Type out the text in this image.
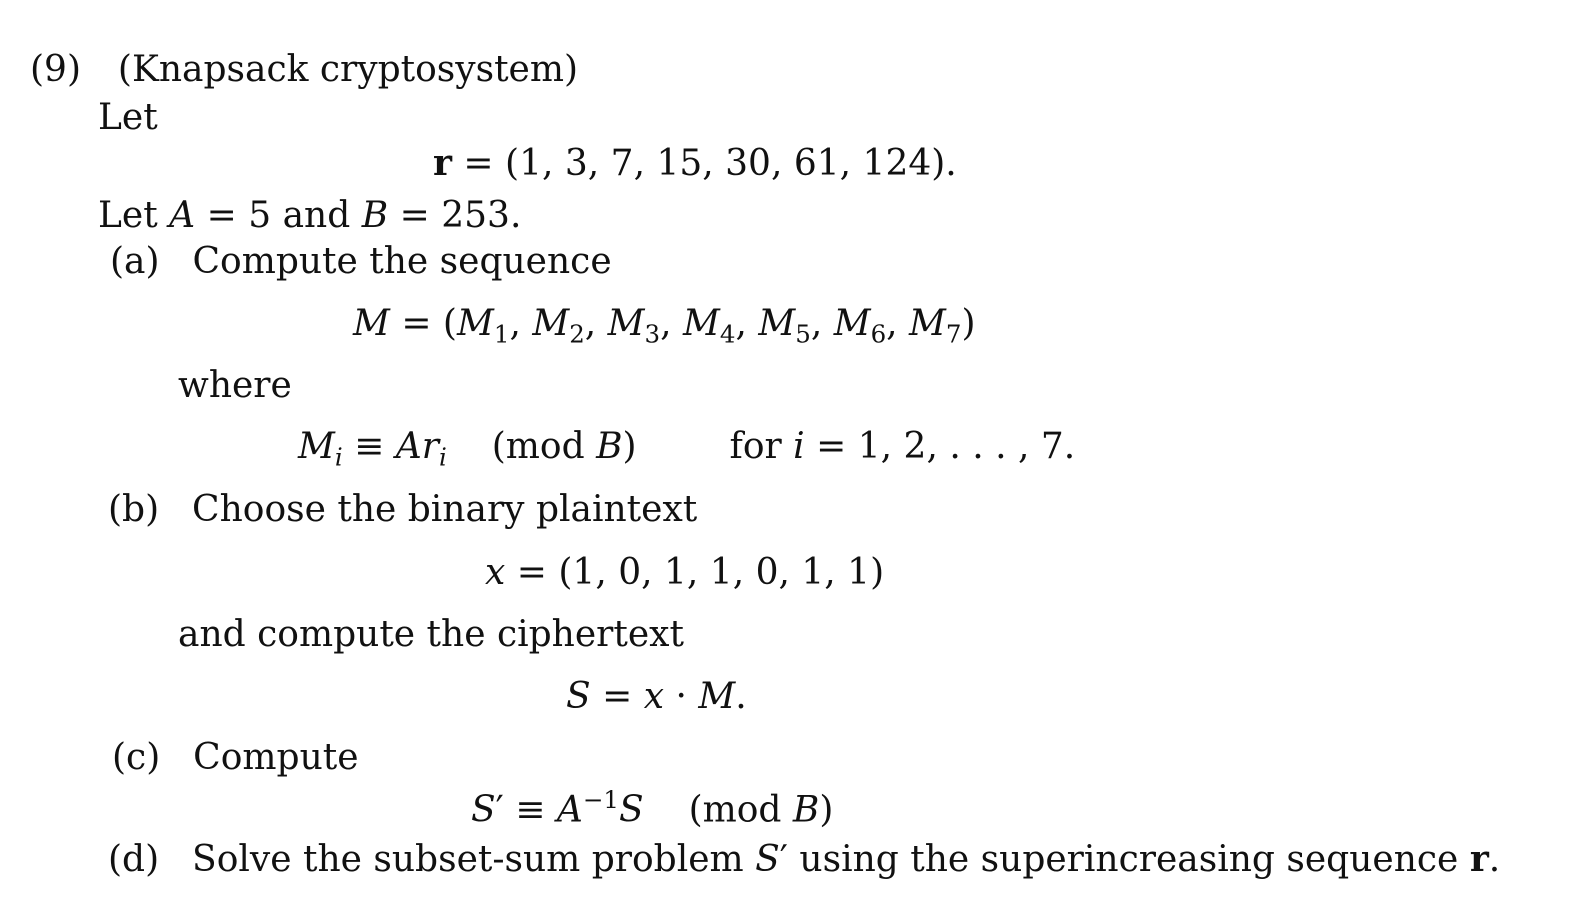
(9) (Knapsack cryptosystem)
Let
r = (1, 3, 7, 15, 30, 61, 124).
Let A = 5 and B = 253.
(a) Compute the sequence
$M = (M_1$, $M_2$, $M_3$, $M_4$, $M_5$, $M_6$, $M_7$)
where
$M_i \equiv Ar_i$ (mod B)  for i = 1, 2, . . . , 7.
(b) Choose the binary plaintext
x = (1, 0, 1, 1, 0, 1, 1)
and compute the ciphertext
S = x · M.
(c) Compute
$S' \equiv A^{-1}S$ (mod B)
(d) Solve the subset-sum problem S′ using the superincreasing sequence r.
